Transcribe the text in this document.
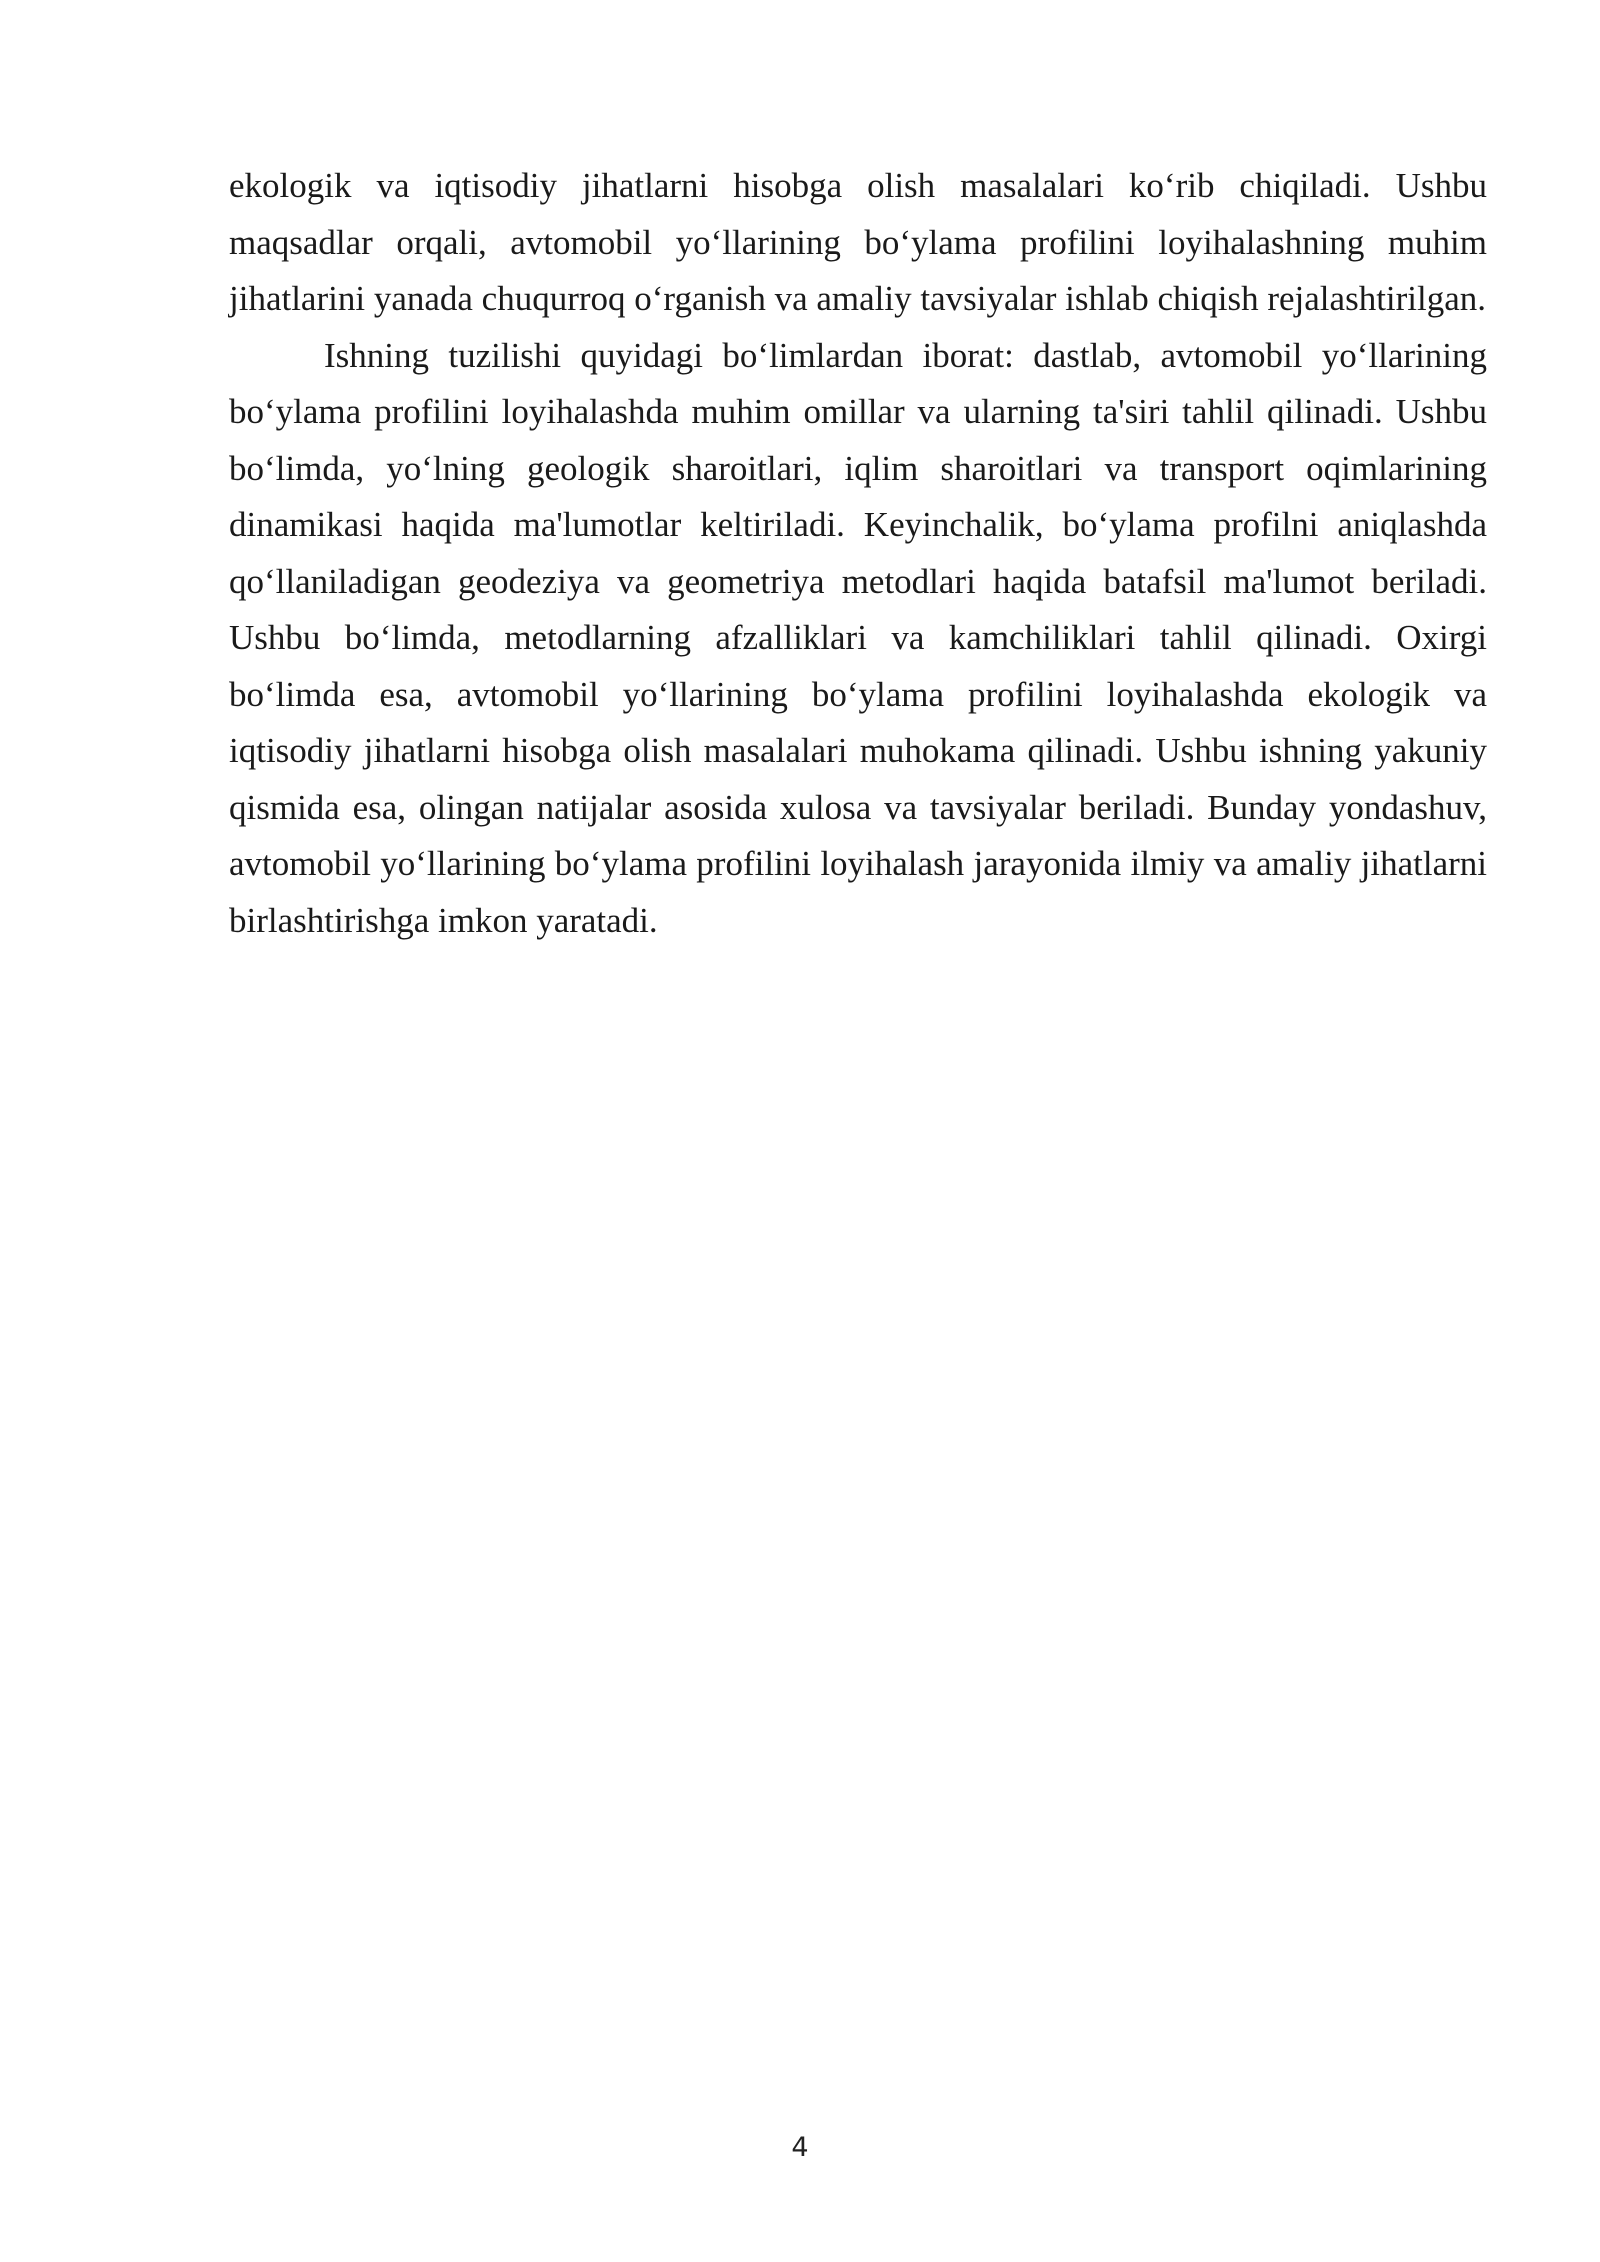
ekologik va iqtisodiy jihatlarni hisobga olish masalalari ko‘rib chiqiladi. Ushbu maqsadlar orqali, avtomobil yo‘llarining bo‘ylama profilini loyihalashning muhim jihatlarini yanada chuqurroq o‘rganish va amaliy tavsiyalar ishlab chiqish rejalashtirilgan.

Ishning tuzilishi quyidagi bo‘limlardan iborat: dastlab, avtomobil yo‘llarining bo‘ylama profilini loyihalashda muhim omillar va ularning ta'siri tahlil qilinadi. Ushbu bo‘limda, yo‘lning geologik sharoitlari, iqlim sharoitlari va transport oqimlarining dinamikasi haqida ma'lumotlar keltiriladi. Keyinchalik, bo‘ylama profilni aniqlashda qo‘llaniladigan geodeziya va geometriya metodlari haqida batafsil ma'lumot beriladi. Ushbu bo‘limda, metodlarning afzalliklari va kamchiliklari tahlil qilinadi. Oxirgi bo‘limda esa, avtomobil yo‘llarining bo‘ylama profilini loyihalashda ekologik va iqtisodiy jihatlarni hisobga olish masalalari muhokama qilinadi. Ushbu ishning yakuniy qismida esa, olingan natijalar asosida xulosa va tavsiyalar beriladi. Bunday yondashuv, avtomobil yo‘llarining bo‘ylama profilini loyihalash jarayonida ilmiy va amaliy jihatlarni birlashtirishga imkon yaratadi.

4
